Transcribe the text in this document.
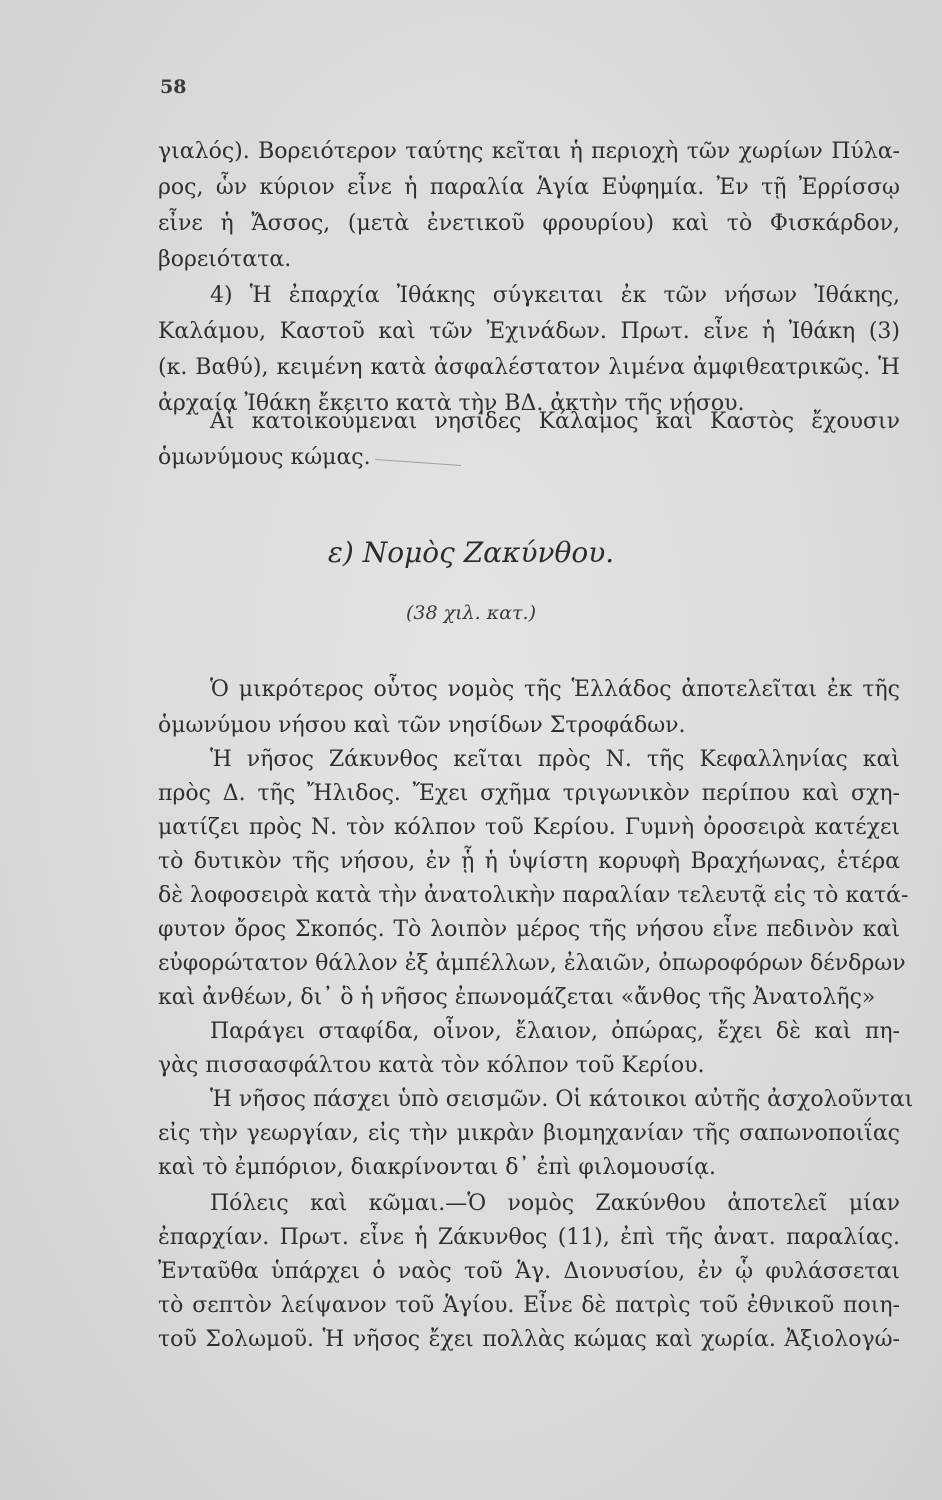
58
γιαλός). Βορειότερον ταύτης κεῖται ἡ περιοχὴ τῶν χωρίων Πύλα-
ρος, ὧν κύριον εἶνε ἡ παραλία Ἁγία Εὐφημία. Ἐν τῇ Ἐρρίσσῳ
εἶνε ἡ Ἄσσος, (μετὰ ἐνετικοῦ φρουρίου) καὶ τὸ Φισκάρδον,
βορειότατα.
4) Ἡ ἐπαρχία Ἰθάκης σύγκειται ἐκ τῶν νήσων Ἰθάκης,
Καλάμου, Καστοῦ καὶ τῶν Ἐχινάδων. Πρωτ. εἶνε ἡ Ἰθάκη (3)
(κ. Βαθύ), κειμένη κατὰ ἀσφαλέστατον λιμένα ἀμφιθεατρικῶς. Ἡ
ἀρχαία Ἰθάκη ἔκειτο κατὰ τὴν ΒΔ. ἀκτὴν τῆς νήσου.
Αἱ κατοικούμεναι νησίδες Κάλαμος καὶ Καστὸς ἔχουσιν
ὁμωνύμους κώμας.
ε) Νομὸς Ζακύνθου.
(38 χιλ. κατ.)
Ὁ μικρότερος οὗτος νομὸς τῆς Ἑλλάδος ἀποτελεῖται ἐκ τῆς
ὁμωνύμου νήσου καὶ τῶν νησίδων Στροφάδων.
Ἡ νῆσος Ζάκυνθος κεῖται πρὸς Ν. τῆς Κεφαλληνίας καὶ
πρὸς Δ. τῆς Ἤλιδος. Ἔχει σχῆμα τριγωνικὸν περίπου καὶ σχη-
ματίζει πρὸς Ν. τὸν κόλπον τοῦ Κερίου. Γυμνὴ ὀροσειρὰ κατέχει
τὸ δυτικὸν τῆς νήσου, ἐν ᾗ ἡ ὑψίστη κορυφὴ Βραχήωνας, ἑτέρα
δὲ λοφοσειρὰ κατὰ τὴν ἀνατολικὴν παραλίαν τελευτᾷ εἰς τὸ κατά-
φυτον ὄρος Σκοπός. Τὸ λοιπὸν μέρος τῆς νήσου εἶνε πεδινὸν καὶ
εὐφορώτατον θάλλον ἐξ ἀμπέλλων, ἐλαιῶν, ὀπωροφόρων δένδρων
καὶ ἀνθέων, δι᾽ ὃ ἡ νῆσος ἐπωνομάζεται «ἄνθος τῆς Ἀνατολῆς»
Παράγει σταφίδα, οἶνον, ἔλαιον, ὀπώρας, ἔχει δὲ καὶ πη-
γὰς πισσασφάλτου κατὰ τὸν κόλπον τοῦ Κερίου.
Ἡ νῆσος πάσχει ὑπὸ σεισμῶν. Οἱ κάτοικοι αὐτῆς ἀσχολοῦνται
εἰς τὴν γεωργίαν, εἰς τὴν μικρὰν βιομηχανίαν τῆς σαπωνοποιΐας
καὶ τὸ ἐμπόριον, διακρίνονται δ᾽ ἐπὶ φιλομουσίᾳ.
Πόλεις καὶ κῶμαι.—Ὁ νομὸς Ζακύνθου ἀποτελεῖ μίαν
ἐπαρχίαν. Πρωτ. εἶνε ἡ Ζάκυνθος (11), ἐπὶ τῆς ἀνατ. παραλίας.
Ἐνταῦθα ὑπάρχει ὁ ναὸς τοῦ Ἁγ. Διονυσίου, ἐν ᾧ φυλάσσεται
τὸ σεπτὸν λείψανον τοῦ Ἁγίου. Εἶνε δὲ πατρὶς τοῦ ἐθνικοῦ ποιη-
τοῦ Σολωμοῦ. Ἡ νῆσος ἔχει πολλὰς κώμας καὶ χωρία. Ἀξιολογώ-
